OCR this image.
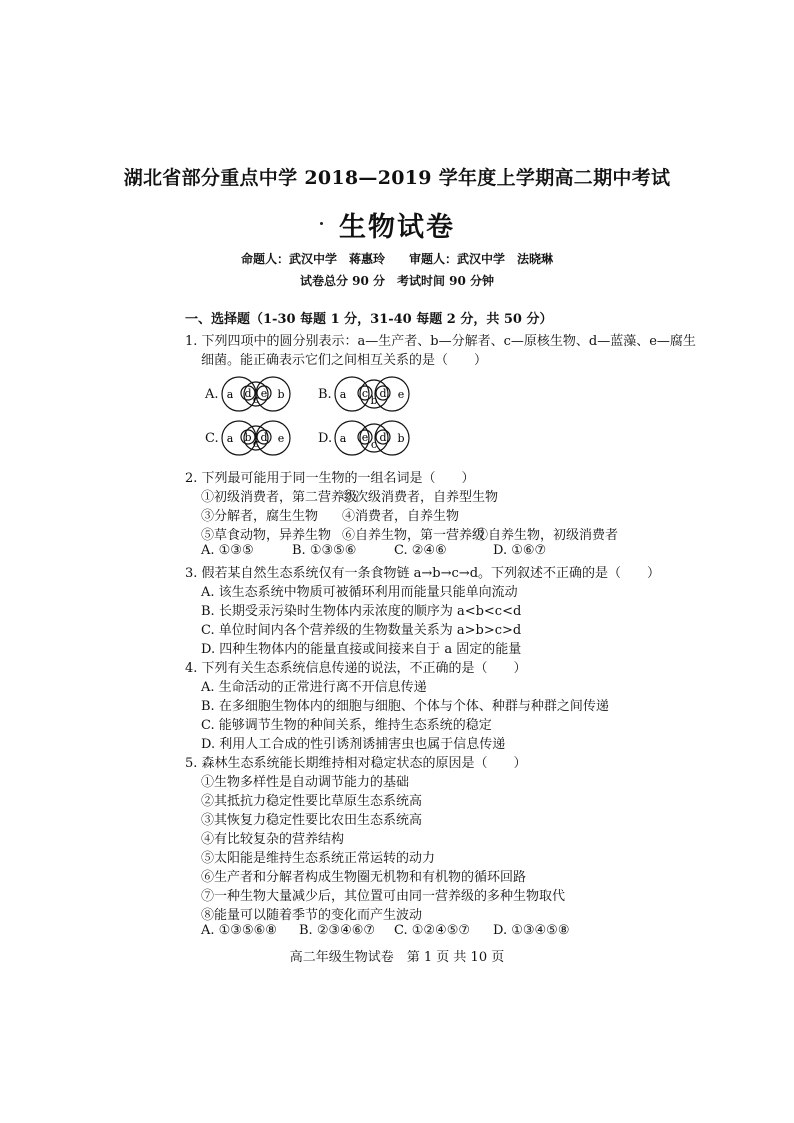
湖北省部分重点中学 2018—2019 学年度上学期高二期中考试
生物试卷
命题人：武汉中学　蒋惠玲　　审题人：武汉中学　法晓琳
试卷总分 90 分　考试时间 90 分钟
一、选择题（1-30 每题 1 分，31-40 每题 2 分，共 50 分）
1. 下列四项中的圆分别表示：a—生产者、b—分解者、c—原核生物、d—蓝藻、e—腐生
细菌。能正确表示它们之间相互关系的是（　　）
A. a d c e b	B. a c
b
d e
C. a b c d e	D. a e
c
d b
2. 下列最可能用于同一生物的一组名词是（　　）
①初级消费者，第二营养级
②次级消费者，自养型生物
③分解者，腐生生物 ④消费者，自养生物
⑤草食动物，异养生物 ⑥自养生物，第一营养级
⑦自养生物，初级消费者
A. ①③⑤	B. ①③⑤⑥	C. ②④⑥	D. ①⑥⑦
3. 假若某自然生态系统仅有一条食物链 a→b→c→d。下列叙述不正确的是（　　）
A. 该生态系统中物质可被循环利用而能量只能单向流动
B. 长期受汞污染时生物体内汞浓度的顺序为 a<b<c<d
C. 单位时间内各个营养级的生物数量关系为 a>b>c>d
D. 四种生物体内的能量直接或间接来自于 a 固定的能量
4. 下列有关生态系统信息传递的说法，不正确的是（　　）
A. 生命活动的正常进行离不开信息传递
B. 在多细胞生物体内的细胞与细胞、个体与个体、种群与种群之间传递
C. 能够调节生物的种间关系，维持生态系统的稳定
D. 利用人工合成的性引诱剂诱捕害虫也属于信息传递
5. 森林生态系统能长期维持相对稳定状态的原因是（　　）
①生物多样性是自动调节能力的基础
②其抵抗力稳定性要比草原生态系统高
③其恢复力稳定性要比农田生态系统高
④有比较复杂的营养结构
⑤太阳能是维持生态系统正常运转的动力
⑥生产者和分解者构成生物圈无机物和有机物的循环回路
⑦一种生物大量减少后，其位置可由同一营养级的多种生物取代
⑧能量可以随着季节的变化而产生波动
A. ①③⑤⑥⑧ B. ②③④⑥⑦ C. ①②④⑤⑦ D. ①③④⑤⑧
高二年级生物试卷　第 1 页 共 10 页
